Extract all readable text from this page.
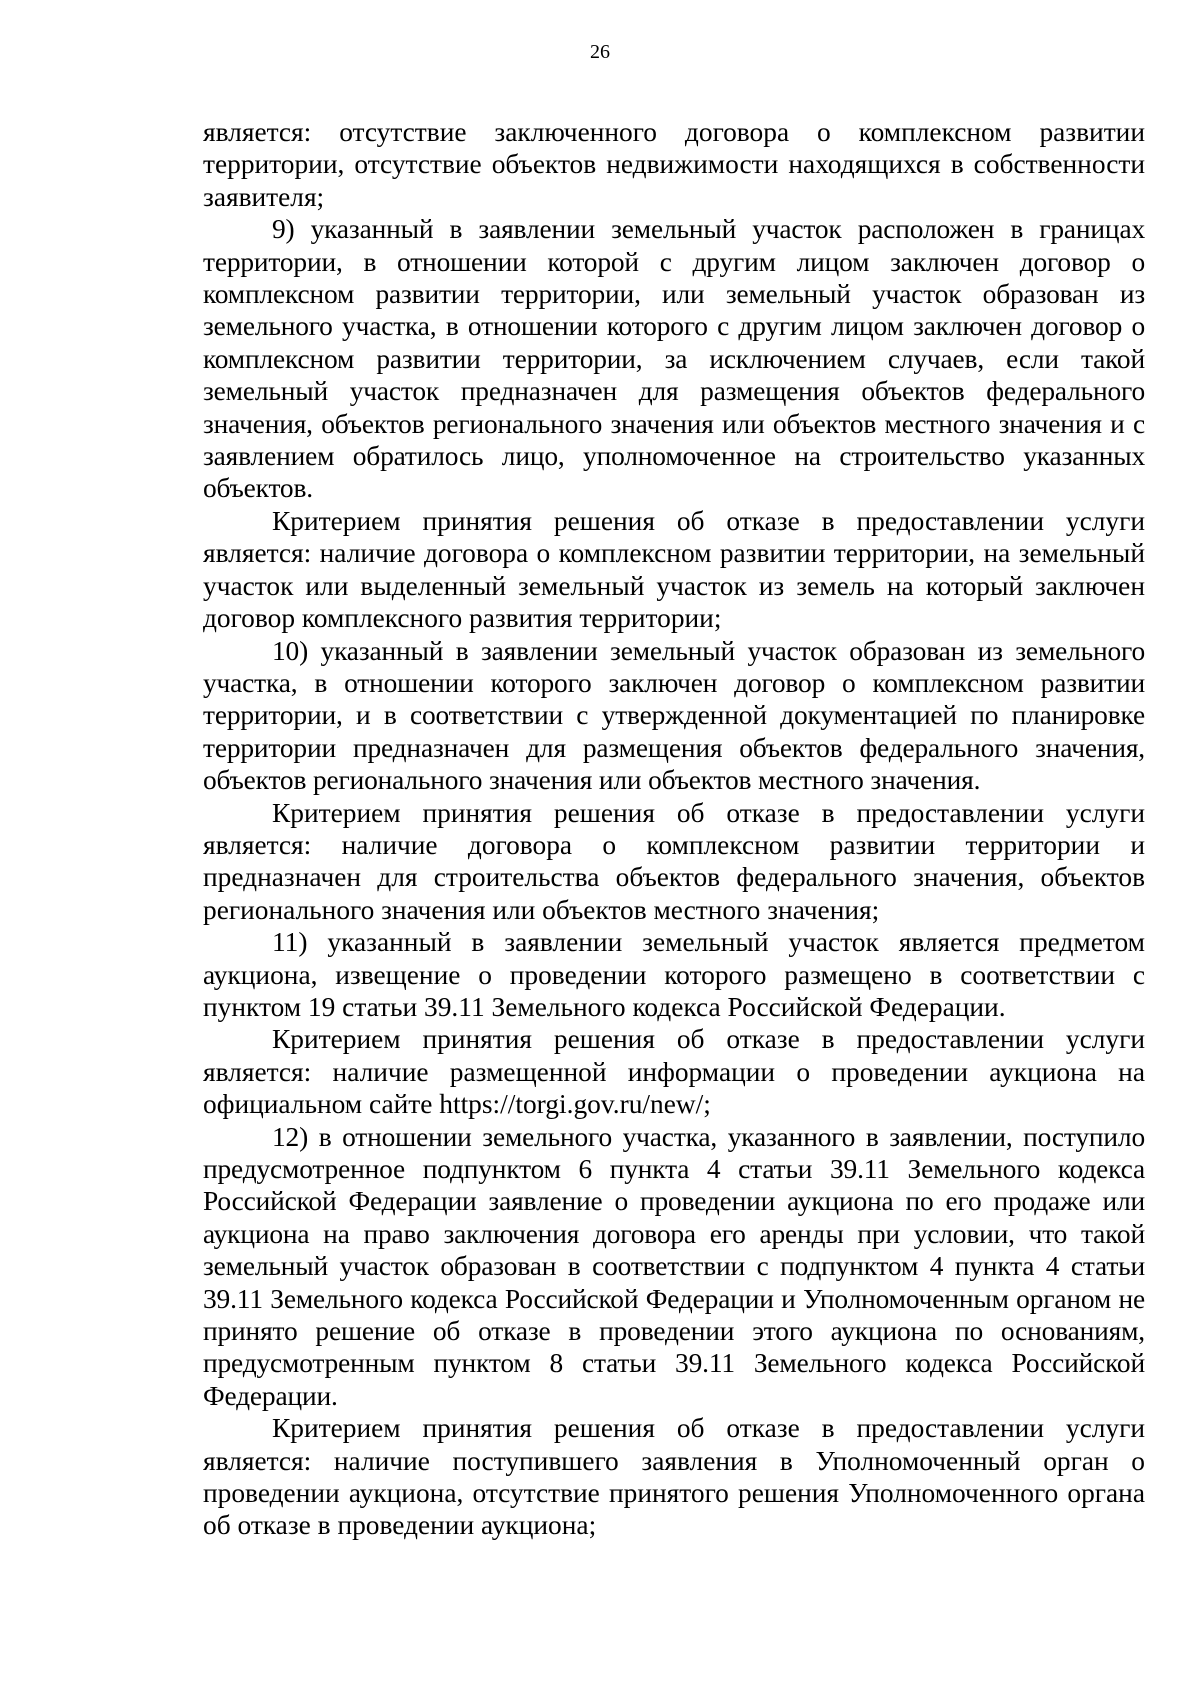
26

является: отсутствие заключенного договора о комплексном развитии территории, отсутствие объектов недвижимости находящихся в собственности заявителя;

9) указанный в заявлении земельный участок расположен в границах территории, в отношении которой с другим лицом заключен договор о комплексном развитии территории, или земельный участок образован из земельного участка, в отношении которого с другим лицом заключен договор о комплексном развитии территории, за исключением случаев, если такой земельный участок предназначен для размещения объектов федерального значения, объектов регионального значения или объектов местного значения и с заявлением обратилось лицо, уполномоченное на строительство указанных объектов.

Критерием принятия решения об отказе в предоставлении услуги является: наличие договора о комплексном развитии территории, на земельный участок или выделенный земельный участок из земель на который заключен договор комплексного развития территории;

10) указанный в заявлении земельный участок образован из земельного участка, в отношении которого заключен договор о комплексном развитии территории, и в соответствии с утвержденной документацией по планировке территории предназначен для размещения объектов федерального значения, объектов регионального значения или объектов местного значения.

Критерием принятия решения об отказе в предоставлении услуги является: наличие договора о комплексном развитии территории и предназначен для строительства объектов федерального значения, объектов регионального значения или объектов местного значения;

11) указанный в заявлении земельный участок является предметом аукциона, извещение о проведении которого размещено в соответствии с пунктом 19 статьи 39.11 Земельного кодекса Российской Федерации.

Критерием принятия решения об отказе в предоставлении услуги является: наличие размещенной информации о проведении аукциона на официальном сайте https://torgi.gov.ru/new/;

12) в отношении земельного участка, указанного в заявлении, поступило предусмотренное подпунктом 6 пункта 4 статьи 39.11 Земельного кодекса Российской Федерации заявление о проведении аукциона по его продаже или аукциона на право заключения договора его аренды при условии, что такой земельный участок образован в соответствии с подпунктом 4 пункта 4 статьи 39.11 Земельного кодекса Российской Федерации и Уполномоченным органом не принято решение об отказе в проведении этого аукциона по основаниям, предусмотренным пунктом 8 статьи 39.11 Земельного кодекса Российской Федерации.

Критерием принятия решения об отказе в предоставлении услуги является: наличие поступившего заявления в Уполномоченный орган о проведении аукциона, отсутствие принятого решения Уполномоченного органа об отказе в проведении аукциона;
